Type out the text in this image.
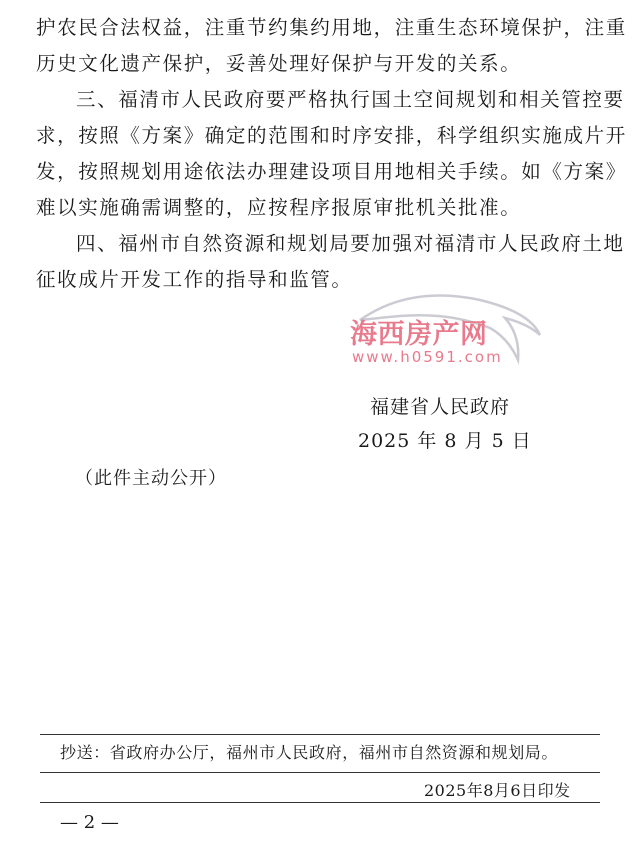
护农民合法权益，注重节约集约用地，注重生态环境保护，注重
历史文化遗产保护，妥善处理好保护与开发的关系。

三、福清市人民政府要严格执行国土空间规划和相关管控要
求，按照《方案》确定的范围和时序安排，科学组织实施成片开
发，按照规划用途依法办理建设项目用地相关手续。如《方案》
难以实施确需调整的，应按程序报原审批机关批准。

四、福州市自然资源和规划局要加强对福清市人民政府土地
征收成片开发工作的指导和监管。

海西房产网
www.h0591.com
福建省人民政府
2025 年 8 月 5 日
（此件主动公开）
抄送：省政府办公厅，福州市人民政府，福州市自然资源和规划局。
2025年8月6日印发
— 2 —
